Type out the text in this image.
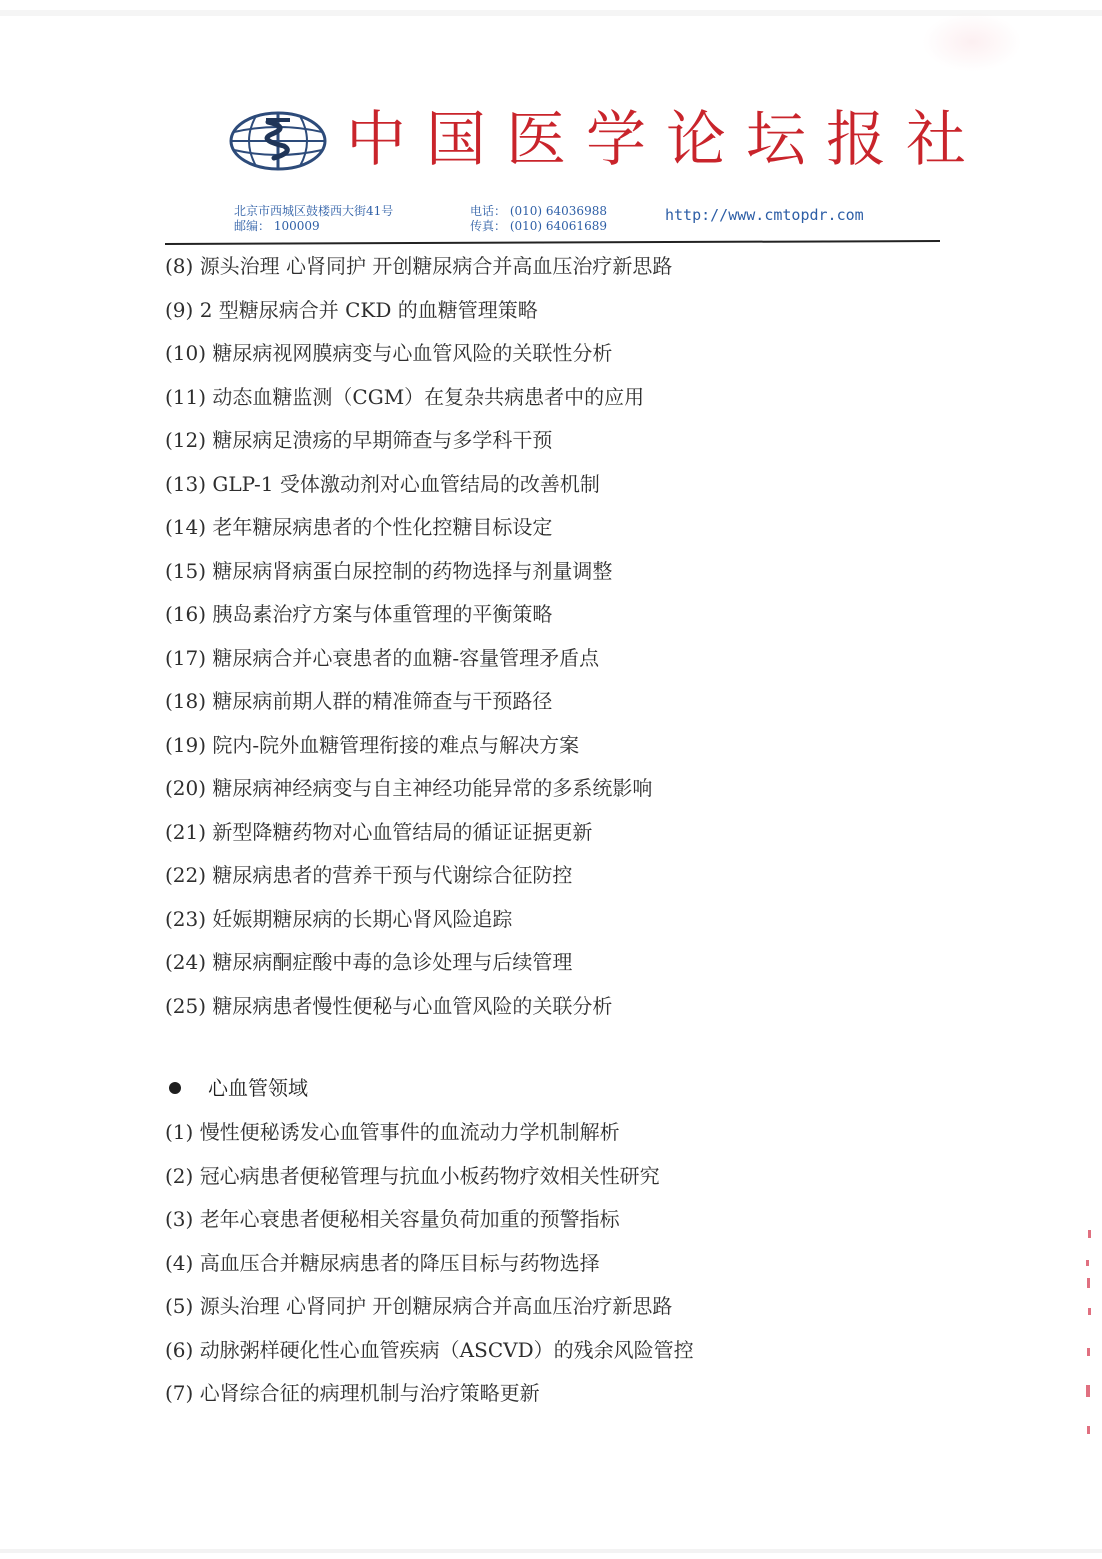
中国医学论坛报社
北京市西城区鼓楼西大街41号
邮编： 100009
电话： (010) 64036988
传真： (010) 64061689
http://www.cmtopdr.com
(8) 源头治理 心肾同护 开创糖尿病合并高血压治疗新思路
(9) 2 型糖尿病合并 CKD 的血糖管理策略
(10) 糖尿病视网膜病变与心血管风险的关联性分析
(11) 动态血糖监测（CGM）在复杂共病患者中的应用
(12) 糖尿病足溃疡的早期筛查与多学科干预
(13) GLP-1 受体激动剂对心血管结局的改善机制
(14) 老年糖尿病患者的个性化控糖目标设定
(15) 糖尿病肾病蛋白尿控制的药物选择与剂量调整
(16) 胰岛素治疗方案与体重管理的平衡策略
(17) 糖尿病合并心衰患者的血糖-容量管理矛盾点
(18) 糖尿病前期人群的精准筛查与干预路径
(19) 院内-院外血糖管理衔接的难点与解决方案
(20) 糖尿病神经病变与自主神经功能异常的多系统影响
(21) 新型降糖药物对心血管结局的循证证据更新
(22) 糖尿病患者的营养干预与代谢综合征防控
(23) 妊娠期糖尿病的长期心肾风险追踪
(24) 糖尿病酮症酸中毒的急诊处理与后续管理
(25) 糖尿病患者慢性便秘与心血管风险的关联分析
心血管领域
(1) 慢性便秘诱发心血管事件的血流动力学机制解析
(2) 冠心病患者便秘管理与抗血小板药物疗效相关性研究
(3) 老年心衰患者便秘相关容量负荷加重的预警指标
(4) 高血压合并糖尿病患者的降压目标与药物选择
(5) 源头治理 心肾同护 开创糖尿病合并高血压治疗新思路
(6) 动脉粥样硬化性心血管疾病（ASCVD）的残余风险管控
(7) 心肾综合征的病理机制与治疗策略更新
